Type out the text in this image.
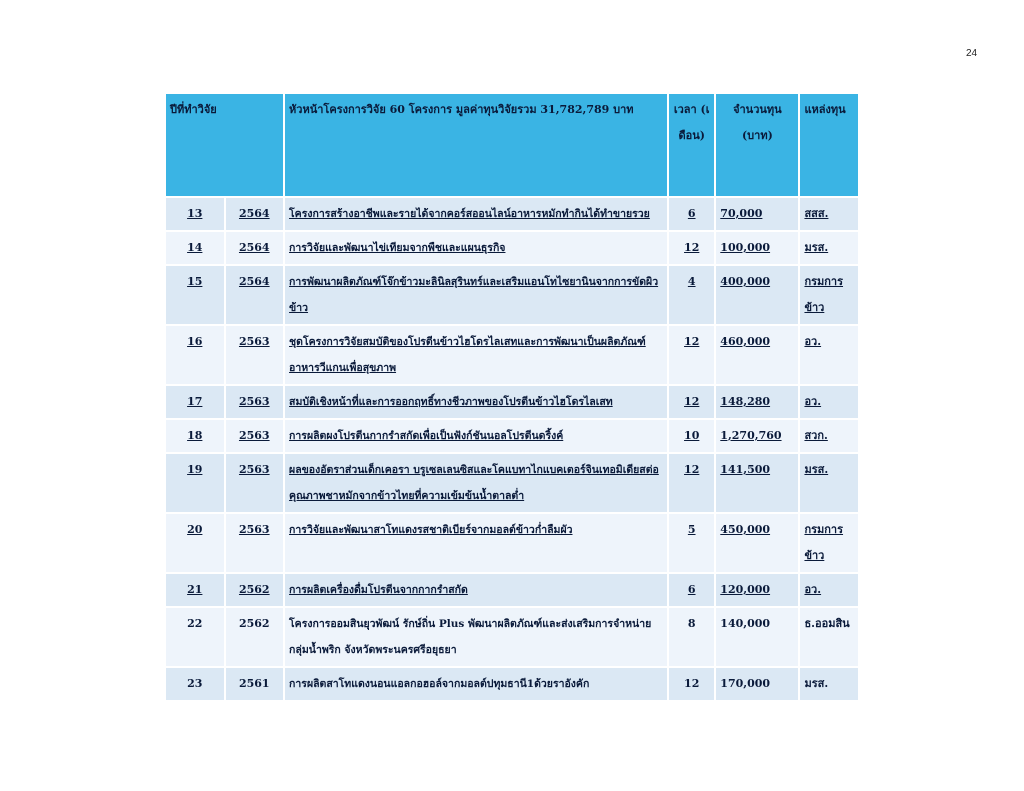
24
ปีที่ทำวิจัย		หัวหน้าโครงการวิจัย 60 โครงการ มูลค่าทุนวิจัยรวม 31,782,789 บาท	เวลา (เดือน)	จำนวนทุน (บาท)	แหล่งทุน
13	2564	โครงการสร้างอาชีพและรายได้จากคอร์สออนไลน์อาหารหมักทำกินได้ทำขายรวย	6	70,000	สสส.
14	2564	การวิจัยและพัฒนาไข่เทียมจากพืชและแผนธุรกิจ	12	100,000	มรส.
15	2564	การพัฒนาผลิตภัณฑ์โจ๊กข้าวมะลินิลสุรินทร์และเสริมแอนโทไซยานินจากการขัดผิวข้าว	4	400,000	กรมการข้าว
16	2563	ชุดโครงการวิจัยสมบัติของโปรตีนข้าวไฮโดรไลเสทและการพัฒนาเป็นผลิตภัณฑ์อาหารวีแกนเพื่อสุขภาพ	12	460,000	อว.
17	2563	สมบัติเชิงหน้าที่และการออกฤทธิ์ทางชีวภาพของโปรตีนข้าวไฮโดรไลเสท	12	148,280	อว.
18	2563	การผลิตผงโปรตีนกากรำสกัดเพื่อเป็นฟังก์ชันนอลโปรตีนดริ้งค์	10	1,270,760	สวก.
19	2563	ผลของอัตราส่วนเด็กเคอรา บรูเซลเลนซิสและโคแบทาไกแบคเตอร์จินเทอมิเดียสต่อคุณภาพชาหมักจากข้าวไทยที่ความเข้มข้นน้ำตาลต่ำ	12	141,500	มรส.
20	2563	การวิจัยและพัฒนาสาโทแดงรสชาติเบียร์จากมอลต์ข้าวก่ำลืมผัว	5	450,000	กรมการข้าว
21	2562	การผลิตเครื่องดื่มโปรตีนจากกากรำสกัด	6	120,000	อว.
22	2562	โครงการออมสินยุวพัฒน์ รักษ์ถิ่น Plus พัฒนาผลิตภัณฑ์และส่งเสริมการจำหน่ายกลุ่มน้ำพริก จังหวัดพระนครศรีอยุธยา	8	140,000	ธ.ออมสิน
23	2561	การผลิตสาโทแดงนอนแอลกอฮอล์จากมอลต์ปทุมธานี1ด้วยราอังคัก	12	170,000	มรส.
